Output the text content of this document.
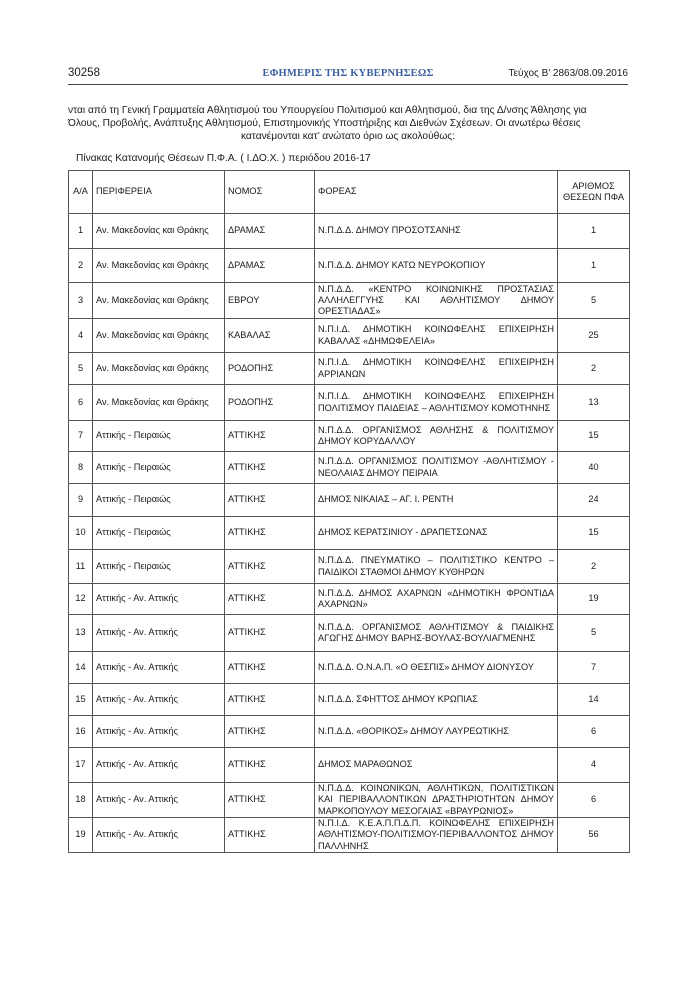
30258	ΕΦΗΜΕΡΙΣ ΤΗΣ ΚΥΒΕΡΝΗΣΕΩΣ	Τεύχος Β’ 2863/08.09.2016
νται από τη Γενική Γραμματεία Αθλητισμού του Υπουργείου Πολιτισμού και Αθλητισμού, δια της Δ/νσης Άθλησης για
Όλους, Προβολής, Ανάπτυξης Αθλητισμού, Επιστημονικής Υποστήριξης και Διεθνών Σχέσεων. Οι ανωτέρω θέσεις
κατανέμονται κατ’ ανώτατο όριο ως ακολούθως:
Πίνακας Κατανομής Θέσεων Π.Φ.Α. ( Ι.ΔΟ.Χ. ) περιόδου 2016-17
Α/Α	ΠΕΡΙΦΕΡΕΙΑ	ΝΟΜΟΣ	ΦΟΡΕΑΣ	ΑΡΙΘΜΟΣ ΘΕΣΕΩΝ ΠΦΑ
1	Αν. Μακεδονίας και Θράκης	ΔΡΑΜΑΣ	Ν.Π.Δ.Δ. ΔΗΜΟΥ ΠΡΟΣΟΤΣΑΝΗΣ	1
2	Αν. Μακεδονίας και Θράκης	ΔΡΑΜΑΣ	Ν.Π.Δ.Δ. ΔΗΜΟΥ ΚΑΤΩ ΝΕΥΡΟΚΟΠΙΟΥ	1
3	Αν. Μακεδονίας και Θράκης	ΕΒΡΟΥ	Ν.Π.Δ.Δ. «ΚΕΝΤΡΟ ΚΟΙΝΩΝΙΚΗΣ ΠΡΟΣΤΑΣΙΑΣ ΑΛΛΗΛΕΓΓΥΗΣ ΚΑΙ ΑΘΛΗΤΙΣΜΟΥ ΔΗΜΟΥ ΟΡΕΣΤΙΑΔΑΣ»	5
4	Αν. Μακεδονίας και Θράκης	ΚΑΒΑΛΑΣ	Ν.Π.Ι.Δ. ΔΗΜΟΤΙΚΗ ΚΟΙΝΩΦΕΛΗΣ ΕΠΙΧΕΙΡΗΣΗ ΚΑΒΑΛΑΣ «ΔΗΜΩΦΕΛΕΙΑ»	25
5	Αν. Μακεδονίας και Θράκης	ΡΟΔΟΠΗΣ	Ν.Π.Ι.Δ. ΔΗΜΟΤΙΚΗ ΚΟΙΝΩΦΕΛΗΣ ΕΠΙΧΕΙΡΗΣΗ ΑΡΡΙΑΝΩΝ	2
6	Αν. Μακεδονίας και Θράκης	ΡΟΔΟΠΗΣ	Ν.Π.Ι.Δ. ΔΗΜΟΤΙΚΗ ΚΟΙΝΩΦΕΛΗΣ ΕΠΙΧΕΙΡΗΣΗ ΠΟΛΙΤΙΣΜΟΥ ΠΑΙΔΕΙΑΣ – ΑΘΛΗΤΙΣΜΟΥ ΚΟΜΟΤΗΝΗΣ	13
7	Αττικής - Πειραιώς	ΑΤΤΙΚΗΣ	Ν.Π.Δ.Δ. ΟΡΓΑΝΙΣΜΟΣ ΑΘΛΗΣΗΣ & ΠΟΛΙΤΙΣΜΟΥ ΔΗΜΟΥ ΚΟΡΥΔΑΛΛΟΥ	15
8	Αττικής - Πειραιώς	ΑΤΤΙΚΗΣ	Ν.Π.Δ.Δ. ΟΡΓΑΝΙΣΜΟΣ ΠΟΛΙΤΙΣΜΟΥ -ΑΘΛΗΤΙΣΜΟΥ - ΝΕΟΛΑΙΑΣ ΔΗΜΟΥ ΠΕΙΡΑΙΑ	40
9	Αττικής - Πειραιώς	ΑΤΤΙΚΗΣ	ΔΗΜΟΣ ΝΙΚΑΙΑΣ – ΑΓ. Ι. ΡΕΝΤΗ	24
10	Αττικής - Πειραιώς	ΑΤΤΙΚΗΣ	ΔΗΜΟΣ ΚΕΡΑΤΣΙΝΙΟΥ - ΔΡΑΠΕΤΣΩΝΑΣ	15
11	Αττικής - Πειραιώς	ΑΤΤΙΚΗΣ	Ν.Π.Δ.Δ. ΠΝΕΥΜΑΤΙΚΟ – ΠΟΛΙΤΙΣΤΙΚΟ ΚΕΝΤΡΟ – ΠΑΙΔΙΚΟΙ ΣΤΑΘΜΟΙ ΔΗΜΟΥ ΚΥΘΗΡΩΝ	2
12	Αττικής - Αν. Αττικής	ΑΤΤΙΚΗΣ	Ν.Π.Δ.Δ. ΔΗΜΟΣ ΑΧΑΡΝΩΝ «ΔΗΜΟΤΙΚΗ ΦΡΟΝΤΙΔΑ ΑΧΑΡΝΩΝ»	19
13	Αττικής - Αν. Αττικής	ΑΤΤΙΚΗΣ	Ν.Π.Δ.Δ. ΟΡΓΑΝΙΣΜΟΣ ΑΘΛΗΤΙΣΜΟΥ & ΠΑΙΔΙΚΗΣ ΑΓΩΓΗΣ ΔΗΜΟΥ ΒΑΡΗΣ-ΒΟΥΛΑΣ-ΒΟΥΛΙΑΓΜΕΝΗΣ	5
14	Αττικής - Αν. Αττικής	ΑΤΤΙΚΗΣ	Ν.Π.Δ.Δ. Ο.Ν.Α.Π. «Ο ΘΕΣΠΙΣ» ΔΗΜΟΥ ΔΙΟΝΥΣΟΥ	7
15	Αττικής - Αν. Αττικής	ΑΤΤΙΚΗΣ	Ν.Π.Δ.Δ. ΣΦΗΤΤΟΣ ΔΗΜΟΥ ΚΡΩΠΙΑΣ	14
16	Αττικής - Αν. Αττικής	ΑΤΤΙΚΗΣ	Ν.Π.Δ.Δ. «ΘΟΡΙΚΟΣ» ΔΗΜΟΥ ΛΑΥΡΕΩΤΙΚΗΣ	6
17	Αττικής - Αν. Αττικής	ΑΤΤΙΚΗΣ	ΔΗΜΟΣ ΜΑΡΑΘΩΝΟΣ	4
18	Αττικής - Αν. Αττικής	ΑΤΤΙΚΗΣ	Ν.Π.Δ.Δ. ΚΟΙΝΩΝΙΚΩΝ, ΑΘΛΗΤΙΚΩΝ, ΠΟΛΙΤΙΣΤΙΚΩΝ ΚΑΙ ΠΕΡΙΒΑΛΛΟΝΤΙΚΩΝ ΔΡΑΣΤΗΡΙΟΤΗΤΩΝ ΔΗΜΟΥ ΜΑΡΚΟΠΟΥΛΟΥ ΜΕΣΟΓΑΙΑΣ «ΒΡΑΥΡΩΝΙΟΣ»	6
19	Αττικής - Αν. Αττικής	ΑΤΤΙΚΗΣ	Ν.Π.Ι.Δ. Κ.Ε.Α.Π.Π.Δ.Π. ΚΟΙΝΩΦΕΛΗΣ ΕΠΙΧΕΙΡΗΣΗ ΑΘΛΗΤΙΣΜΟΥ-ΠΟΛΙΤΙΣΜΟΥ-ΠΕΡΙΒΑΛΛΟΝΤΟΣ ΔΗΜΟΥ ΠΑΛΛΗΝΗΣ	56
